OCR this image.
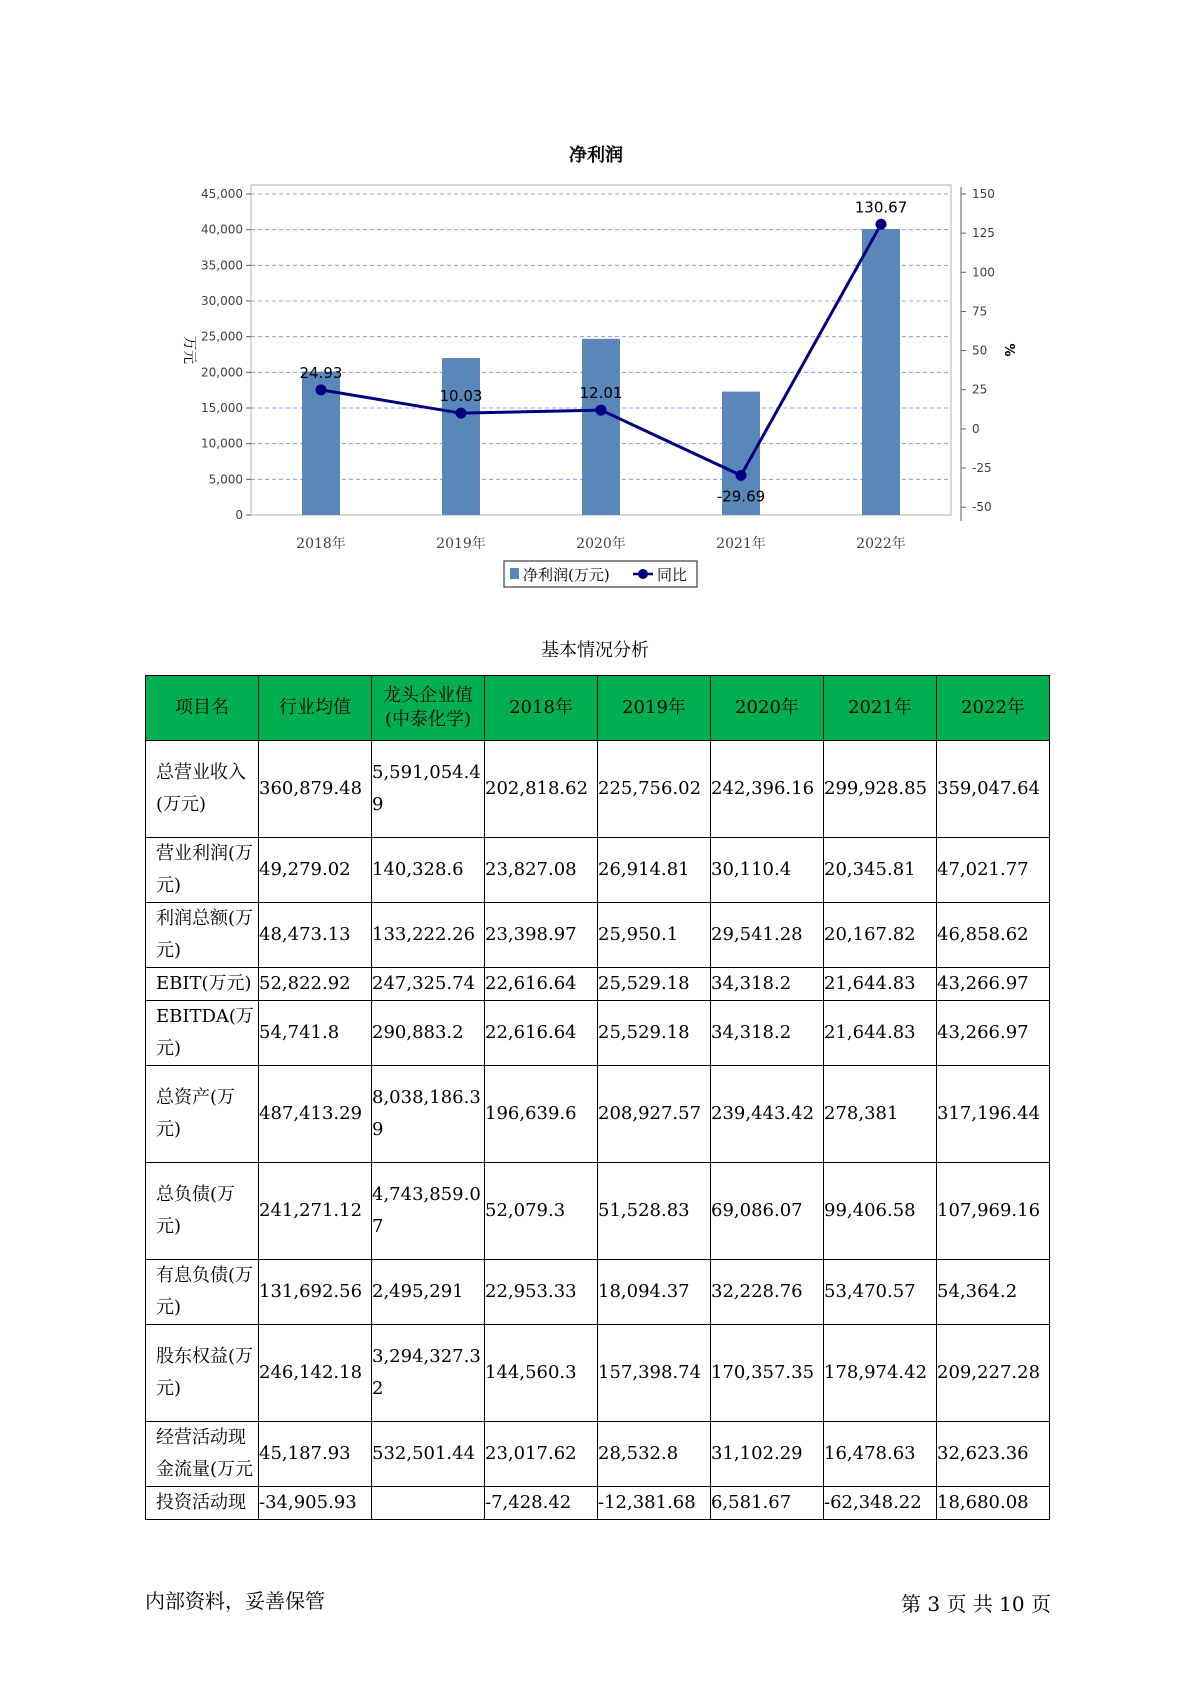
净利润
24.93
10.03	12.01
-29.69
130.67
0
5,000
10,000
15,000
20,000
25,000
30,000
35,000
40,000
45,000
-50
-25
0
25
50
75
100
125
150
2018年	2019年	2020年	2021年	2022年
万元	%
净利润(万元)	同比
基本情况分析
项目名	行业均值	龙头企业值(中泰化学)	2018年	2019年	2020年	2021年	2022年
总营业收入(万元)	360,879.48	5,591,054.49	202,818.62	225,756.02	242,396.16	299,928.85	359,047.64
营业利润(万元)	49,279.02	140,328.6	23,827.08	26,914.81	30,110.4	20,345.81	47,021.77
利润总额(万元)	48,473.13	133,222.26	23,398.97	25,950.1	29,541.28	20,167.82	46,858.62
EBIT(万元)	52,822.92	247,325.74	22,616.64	25,529.18	34,318.2	21,644.83	43,266.97
EBITDA(万元)	54,741.8	290,883.2	22,616.64	25,529.18	34,318.2	21,644.83	43,266.97
总资产(万元)	487,413.29	8,038,186.39	196,639.6	208,927.57	239,443.42	278,381	317,196.44
总负债(万元)	241,271.12	4,743,859.07	52,079.3	51,528.83	69,086.07	99,406.58	107,969.16
有息负债(万元)	131,692.56	2,495,291	22,953.33	18,094.37	32,228.76	53,470.57	54,364.2
股东权益(万元)	246,142.18	3,294,327.32	144,560.3	157,398.74	170,357.35	178,974.42	209,227.28
经营活动现金流量(万元	45,187.93	532,501.44	23,017.62	28,532.8	31,102.29	16,478.63	32,623.36
投资活动现	-34,905.93		-7,428.42	-12,381.68	6,581.67	-62,348.22	18,680.08
内部资料，妥善保管	第 3 页 共 10 页
